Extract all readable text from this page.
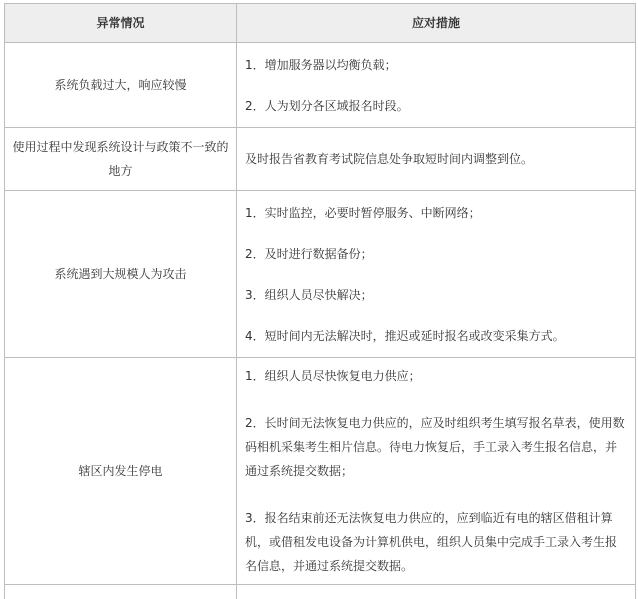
异常情况	应对措施
系统负载过大，响应较慢	1．增加服务器以均衡负载；

2．人为划分各区域报名时段。

使用过程中发现系统设计与政策不一致的地方	及时报告省教育考试院信息处争取短时间内调整到位。

系统遇到大规模人为攻击	1．实时监控，必要时暂停服务、中断网络；

2．及时进行数据备份；

3．组织人员尽快解决；

4．短时间内无法解决时，推迟或延时报名或改变采集方式。

辖区内发生停电	1．组织人员尽快恢复电力供应；

2．长时间无法恢复电力供应的，应及时组织考生填写报名草表，使用数码相机采集考生相片信息。待电力恢复后，手工录入考生报名信息，并通过系统提交数据；

3．报名结束前还无法恢复电力供应的，应到临近有电的辖区借租计算机，或借租发电设备为计算机供电，组织人员集中完成手工录入考生报名信息，并通过系统提交数据。
